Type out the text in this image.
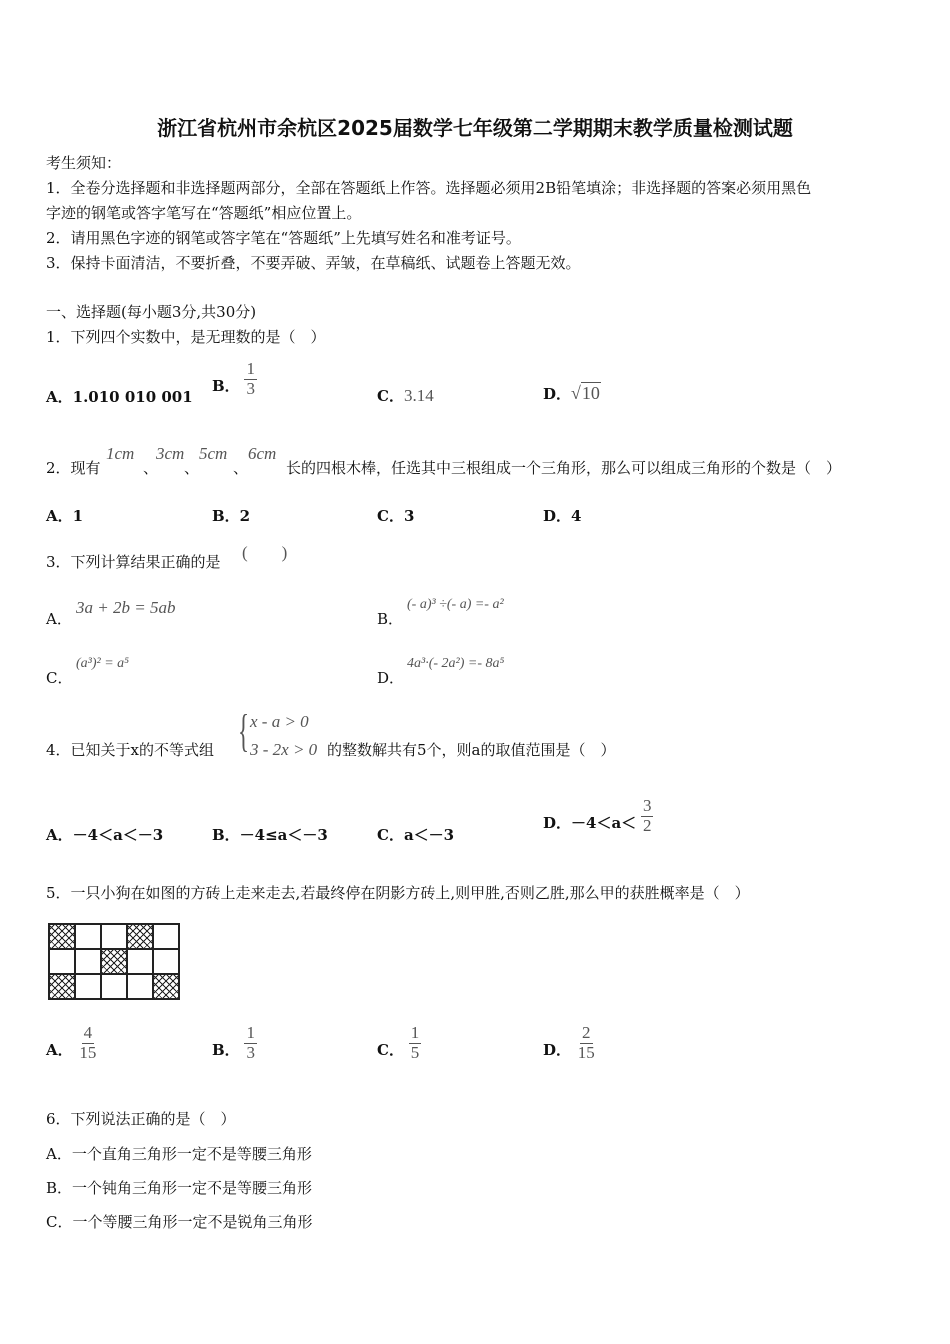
浙江省杭州市余杭区2025届数学七年级第二学期期末教学质量检测试题
考生须知：
1．全卷分选择题和非选择题两部分，全部在答题纸上作答。选择题必须用2B铅笔填涂；非选择题的答案必须用黑色
字迹的钢笔或答字笔写在“答题纸”相应位置上。
2．请用黑色字迹的钢笔或答字笔在“答题纸”上先填写姓名和准考证号。
3．保持卡面清洁，不要折叠，不要弄破、弄皱，在草稿纸、试题卷上答题无效。
一、选择题(每小题3分,共30分)
1．下列四个实数中，是无理数的是（　）
A．1.010 010 001
B． $\frac{1}{3}$	C．3.14	D．√10
2．现有
1cm
、
3cm
、
5cm
、
6cm
长的四根木棒，任选其中三根组成一个三角形，那么可以组成三角形的个数是（　）
A．1	B．2	C．3	D．4
3．下列计算结果正确的是 (　　)
A．
3a + 2b = 5ab
B．
(- a)³ ÷(- a) =- a²
C．
(a³)² = a⁵
D．
4a³·(- 2a²) =- 8a⁵
4．已知关于x的不等式组 { x - a > 0
3 - 2x > 0 的整数解共有5个，则a的取值范围是（　）
A．－4＜a＜－3	B．－4≤a＜－3	C．a＜－3
D．$-4<a< \frac{3}{2}$
5．一只小狗在如图的方砖上走来走去,若最终停在阴影方砖上,则甲胜,否则乙胜,那么甲的获胜概率是（　）

A． $\frac{4}{15}$	B． $\frac{1}{3}$	C． $\frac{1}{5}$	D． $\frac{2}{15}$
6．下列说法正确的是（　）
A．一个直角三角形一定不是等腰三角形
B．一个钝角三角形一定不是等腰三角形
C．一个等腰三角形一定不是锐角三角形
